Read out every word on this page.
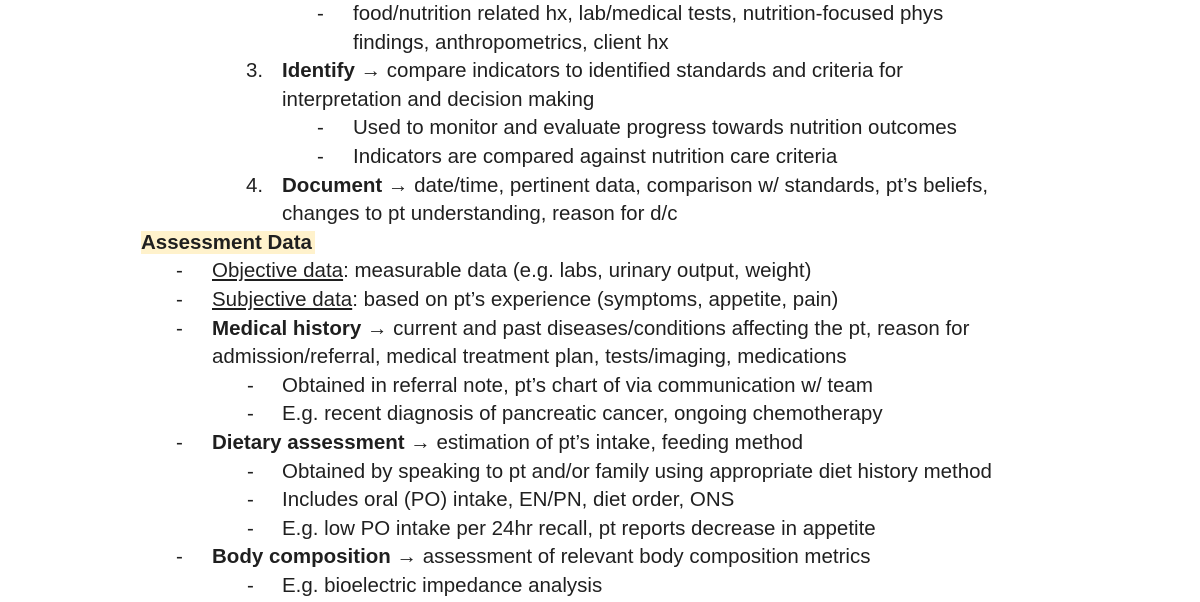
- food/nutrition related hx, lab/medical tests, nutrition-focused phys
findings, anthropometrics, client hx
3. Identify → compare indicators to identified standards and criteria for
interpretation and decision making
- Used to monitor and evaluate progress towards nutrition outcomes
- Indicators are compared against nutrition care criteria
4. Document → date/time, pertinent data, comparison w/ standards, pt’s beliefs,
changes to pt understanding, reason for d/c
Assessment Data
- Objective data: measurable data (e.g. labs, urinary output, weight)
- Subjective data: based on pt’s experience (symptoms, appetite, pain)
- Medical history → current and past diseases/conditions affecting the pt, reason for
admission/referral, medical treatment plan, tests/imaging, medications
- Obtained in referral note, pt’s chart of via communication w/ team
- E.g. recent diagnosis of pancreatic cancer, ongoing chemotherapy
- Dietary assessment → estimation of pt’s intake, feeding method
- Obtained by speaking to pt and/or family using appropriate diet history method
- Includes oral (PO) intake, EN/PN, diet order, ONS
- E.g. low PO intake per 24hr recall, pt reports decrease in appetite
- Body composition → assessment of relevant body composition metrics
- E.g. bioelectric impedance analysis
